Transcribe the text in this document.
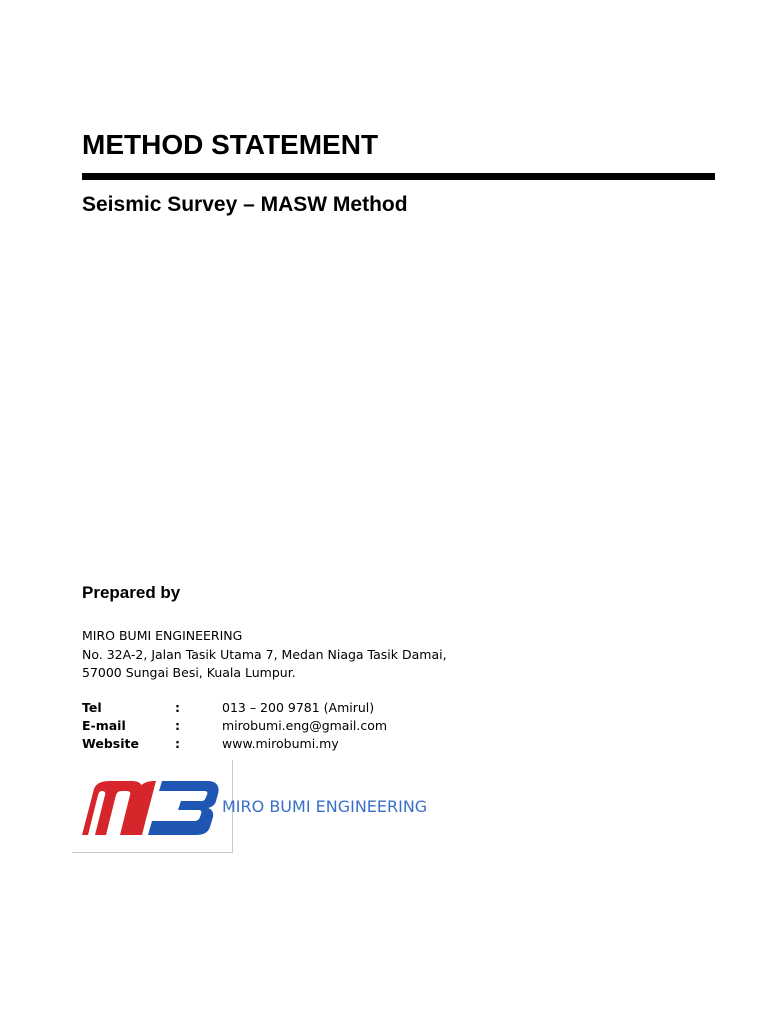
METHOD STATEMENT
Seismic Survey – MASW Method
Prepared by
MIRO BUMI ENGINEERING
No. 32A-2, Jalan Tasik Utama 7, Medan Niaga Tasik Damai,
57000 Sungai Besi, Kuala Lumpur.
Tel	:	013 – 200 9781 (Amirul)
E-mail	:	mirobumi.eng@gmail.com
Website	:	www.mirobumi.my
MIRO BUMI ENGINEERING
